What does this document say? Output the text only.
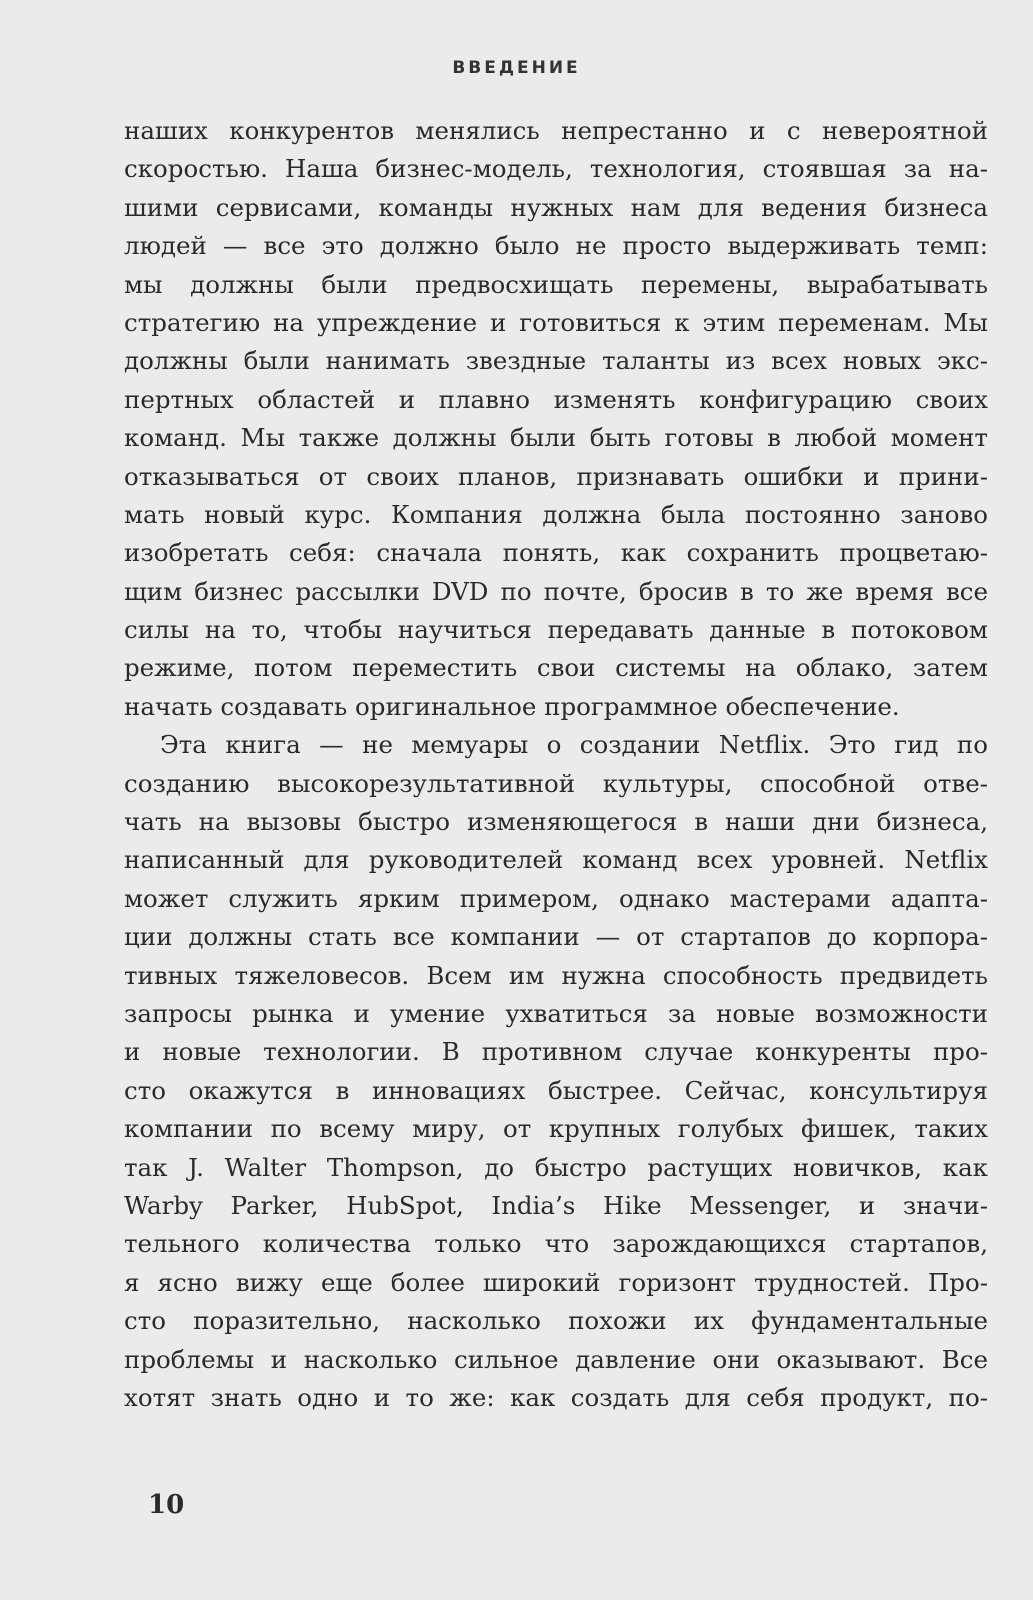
ВВЕДЕНИЕ
наших конкурентов менялись непрестанно и с невероятной
скоростью. Наша бизнес-модель, технология, стоявшая за на-
шими сервисами, команды нужных нам для ведения бизнеса
людей — все это должно было не просто выдерживать темп:
мы должны были предвосхищать перемены, вырабатывать
стратегию на упреждение и готовиться к этим переменам. Мы
должны были нанимать звездные таланты из всех новых экс-
пертных областей и плавно изменять конфигурацию своих
команд. Мы также должны были быть готовы в любой момент
отказываться от своих планов, признавать ошибки и прини-
мать новый курс. Компания должна была постоянно заново
изобретать себя: сначала понять, как сохранить процветаю-
щим бизнес рассылки DVD по почте, бросив в то же время все
силы на то, чтобы научиться передавать данные в потоковом
режиме, потом переместить свои системы на облако, затем
начать создавать оригинальное программное обеспечение.
Эта книга — не мемуары о создании Netflix. Это гид по
созданию высокорезультативной культуры, способной отве-
чать на вызовы быстро изменяющегося в наши дни бизнеса,
написанный для руководителей команд всех уровней. Netflix
может служить ярким примером, однако мастерами адапта-
ции должны стать все компании — от стартапов до корпора-
тивных тяжеловесов. Всем им нужна способность предвидеть
запросы рынка и умение ухватиться за новые возможности
и новые технологии. В противном случае конкуренты про-
сто окажутся в инновациях быстрее. Сейчас, консультируя
компании по всему миру, от крупных голубых фишек, таких
так J. Walter Thompson, до быстро растущих новичков, как
Warby Parker, HubSpot, India’s Hike Messenger, и значи-
тельного количества только что зарождающихся стартапов,
я ясно вижу еще более широкий горизонт трудностей. Про-
сто поразительно, насколько похожи их фундаментальные
проблемы и насколько сильное давление они оказывают. Все
хотят знать одно и то же: как создать для себя продукт, по-
10
